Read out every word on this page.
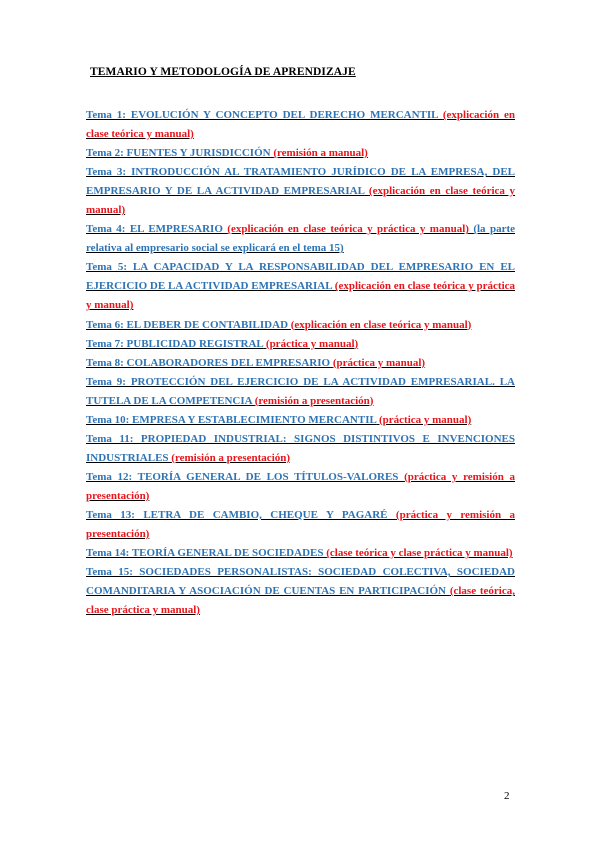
TEMARIO Y METODOLOGÍA DE APRENDIZAJE

Tema 1: EVOLUCIÓN Y CONCEPTO DEL DERECHO MERCANTIL (explicación en clase teórica y manual)

Tema 2: FUENTES Y JURISDICCIÓN (remisión a manual)

Tema 3: INTRODUCCIÓN AL TRATAMIENTO JURÍDICO DE LA EMPRESA, DEL EMPRESARIO Y DE LA ACTIVIDAD EMPRESARIAL (explicación en clase teórica y manual)

Tema 4: EL EMPRESARIO (explicación en clase teórica y práctica y manual) (la parte relativa al empresario social se explicará en el tema 15)

Tema 5: LA CAPACIDAD Y LA RESPONSABILIDAD DEL EMPRESARIO EN EL EJERCICIO DE LA ACTIVIDAD EMPRESARIAL (explicación en clase teórica y práctica y manual)

Tema 6: EL DEBER DE CONTABILIDAD (explicación en clase teórica y manual)

Tema 7: PUBLICIDAD REGISTRAL (práctica y manual)

Tema 8: COLABORADORES DEL EMPRESARIO (práctica y manual)

Tema 9: PROTECCIÓN DEL EJERCICIO DE LA ACTIVIDAD EMPRESARIAL. LA TUTELA DE LA COMPETENCIA (remisión a presentación)

Tema 10: EMPRESA Y ESTABLECIMIENTO MERCANTIL (práctica y manual)

Tema 11: PROPIEDAD INDUSTRIAL: SIGNOS DISTINTIVOS E INVENCIONES INDUSTRIALES (remisión a presentación)

Tema 12: TEORÍA GENERAL DE LOS TÍTULOS-VALORES (práctica y remisión a presentación)

Tema 13: LETRA DE CAMBIO, CHEQUE Y PAGARÉ (práctica y remisión a presentación)

Tema 14: TEORÍA GENERAL DE SOCIEDADES (clase teórica y clase práctica y manual)

Tema 15: SOCIEDADES PERSONALISTAS: SOCIEDAD COLECTIVA, SOCIEDAD COMANDITARIA Y ASOCIACIÓN DE CUENTAS EN PARTICIPACIÓN (clase teórica, clase práctica y manual)

2
